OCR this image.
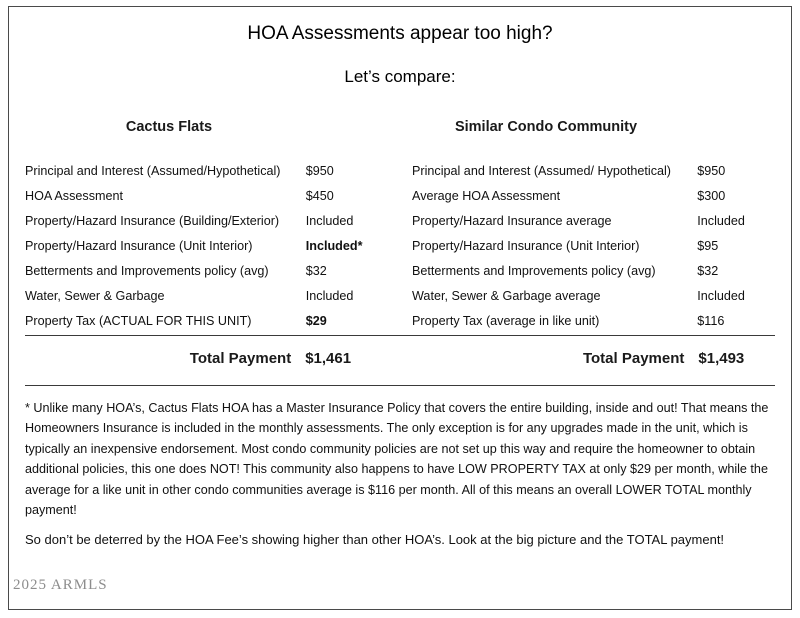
HOA Assessments appear too high?
Let’s compare:
Cactus Flats	Similar Condo Community
Principal and Interest (Assumed/Hypothetical)	$950	Principal and Interest (Assumed/ Hypothetical)	$950
HOA Assessment	$450	Average HOA Assessment	$300
Property/Hazard Insurance (Building/Exterior)	Included	Property/Hazard Insurance average	Included
Property/Hazard Insurance (Unit Interior)	Included*	Property/Hazard Insurance (Unit Interior)	$95
Betterments and Improvements policy (avg)	$32	Betterments and Improvements policy (avg)	$32
Water, Sewer & Garbage	Included	Water, Sewer & Garbage average	Included
Property Tax (ACTUAL FOR THIS UNIT)	$29	Property Tax (average in like unit)	$116
Total Payment $1,461	Total Payment $1,493
* Unlike many HOA’s, Cactus Flats HOA has a Master Insurance Policy that covers the entire building, inside and out! That means the Homeowners Insurance is included in the monthly assessments. The only exception is for any upgrades made in the unit, which is typically an inexpensive endorsement. Most condo community policies are not set up this way and require the homeowner to obtain additional policies, this one does NOT! This community also happens to have LOW PROPERTY TAX at only $29 per month, while the average for a like unit in other condo communities average is $116 per month. All of this means an overall LOWER TOTAL monthly payment!
So don’t be deterred by the HOA Fee’s showing higher than other HOA’s. Look at the big picture and the TOTAL payment!
2025 ARMLS
